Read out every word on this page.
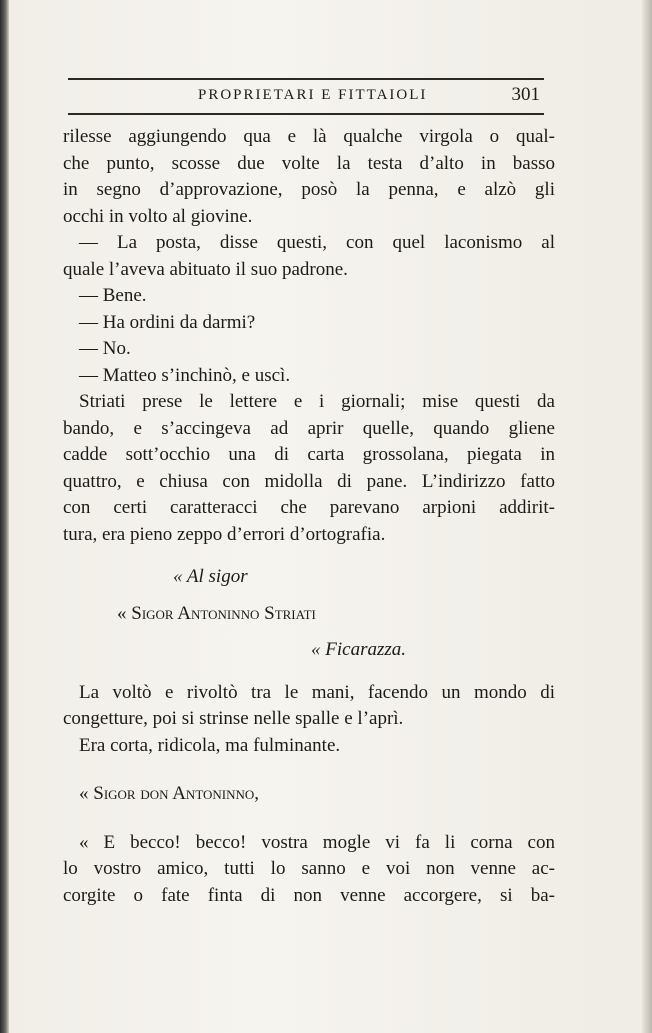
PROPRIETARI E FITTAIOLI	301
rilesse aggiungendo qua e là qualche virgola o qual-
che punto, scosse due volte la testa d’alto in basso
in segno d’approvazione, posò la penna, e alzò gli
occhi in volto al giovine.
— La posta, disse questi, con quel laconismo al
quale l’aveva abituato il suo padrone.
— Bene.
— Ha ordini da darmi?
— No.
— Matteo s’inchinò, e uscì.
Striati prese le lettere e i giornali; mise questi da
bando, e s’accingeva ad aprir quelle, quando gliene
cadde sott’occhio una di carta grossolana, piegata in
quattro, e chiusa con midolla di pane. L’indirizzo fatto
con certi caratteracci che parevano arpioni addirit-
tura, era pieno zeppo d’errori d’ortografia.
« Al sigor
« Sigor Antoninno Striati
« Ficarazza.
La voltò e rivoltò tra le mani, facendo un mondo di
congetture, poi si strinse nelle spalle e l’aprì.
Era corta, ridicola, ma fulminante.
« Sigor don Antoninno,
« E becco! becco! vostra mogle vi fa li corna con
lo vostro amico, tutti lo sanno e voi non venne ac-
corgite o fate finta di non venne accorgere, si ba-
